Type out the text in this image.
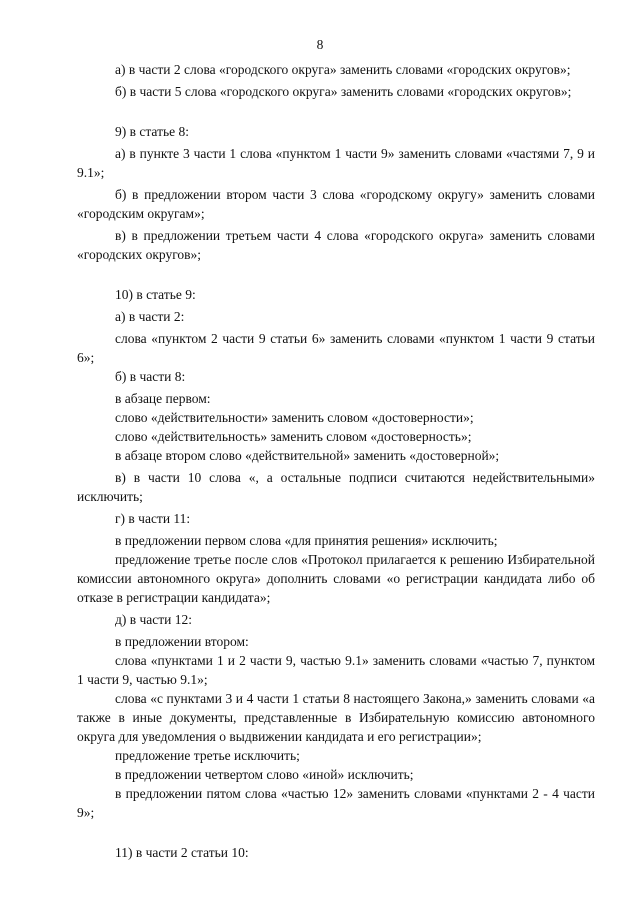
8

а) в части 2 слова «городского округа» заменить словами «городских округов»;

б) в части 5 слова «городского округа» заменить словами «городских округов»;

9) в статье 8:

а) в пункте 3 части 1 слова «пунктом 1 части 9» заменить словами «частями 7, 9 и 9.1»;

б) в предложении втором части 3 слова «городскому округу» заменить словами «городским округам»;

в) в предложении третьем части 4 слова «городского округа» заменить словами «городских округов»;

10) в статье 9:

а) в части 2:

слова «пунктом 2 части 9 статьи 6» заменить словами «пунктом 1 части 9 статьи 6»;

б) в части 8:

в абзаце первом:

слово «действительности» заменить словом «достоверности»;

слово «действительность» заменить словом «достоверность»;

в абзаце втором слово «действительной» заменить «достоверной»;

в) в части 10 слова «, а остальные подписи считаются недействительными» исключить;

г) в части 11:

в предложении первом слова «для принятия решения» исключить;

предложение третье после слов «Протокол прилагается к решению Избирательной комиссии автономного округа» дополнить словами «о регистрации кандидата либо об отказе в регистрации кандидата»;

д) в части 12:

в предложении втором:

слова «пунктами 1 и 2 части 9, частью 9.1» заменить словами «частью 7, пунктом 1 части 9, частью 9.1»;

слова «с пунктами 3 и 4 части 1 статьи 8 настоящего Закона,» заменить словами «а также в иные документы, представленные в Избирательную комиссию автономного округа для уведомления о выдвижении кандидата и его регистрации»;

предложение третье исключить;

в предложении четвертом слово «иной» исключить;

в предложении пятом слова «частью 12» заменить словами «пунктами 2 - 4 части 9»;

11) в части 2 статьи 10:
